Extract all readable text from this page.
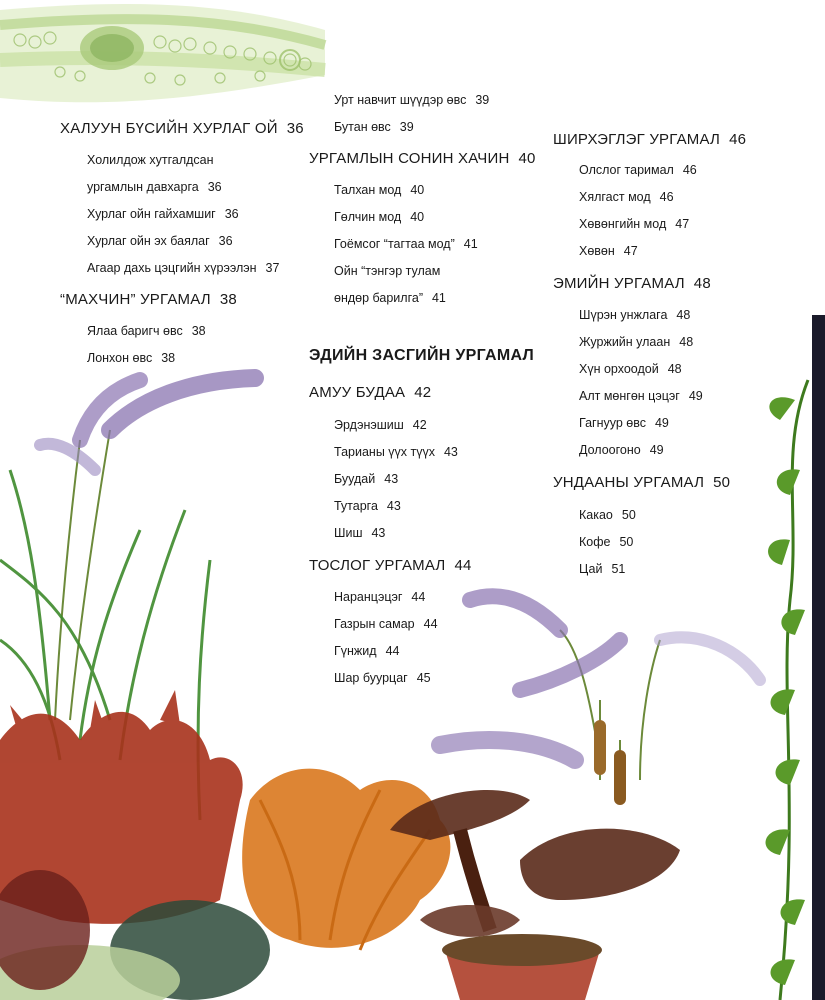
ХАЛУУН БҮСИЙН ХУРЛАГ ОЙ 36
Холилдож хутгалдсан
ургамлын давхарга 36
Хурлаг ойн гайхамшиг 36
Хурлаг ойн эх баялаг 36
Агаар дахь цэцгийн хүрээлэн 37
“МАХЧИН” УРГАМАЛ 38
Ялаа баригч өвс 38
Лонхон өвс 38
Урт навчит шүүдэр өвс 39
Бутан өвс 39
УРГАМЛЫН СОНИН ХАЧИН 40
Талхан мод 40
Гөлчин мод 40
Гоёмсог “тагтаа мод” 41
Ойн “тэнгэр тулам
өндөр барилга” 41
ЭДИЙН ЗАСГИЙН УРГАМАЛ
АМУУ БУДАА 42
Эрдэнэшиш 42
Тарианы үүх түүх 43
Буудай 43
Тутарга 43
Шиш 43
ТОСЛОГ УРГАМАЛ 44
Наранцэцэг 44
Газрын самар 44
Гүнжид 44
Шар буурцаг 45
ШИРХЭГЛЭГ УРГАМАЛ 46
Олслог таримал 46
Хялгаст мод 46
Хөвөнгийн мод 47
Хөвөн 47
ЭМИЙН УРГАМАЛ 48
Шүрэн унжлага 48
Журжийн улаан 48
Хүн орхоодой 48
Алт мөнгөн цэцэг 49
Гагнуур өвс 49
Долоогоно 49
УНДААНЫ УРГАМАЛ 50
Какао 50
Кофе 50
Цай 51
